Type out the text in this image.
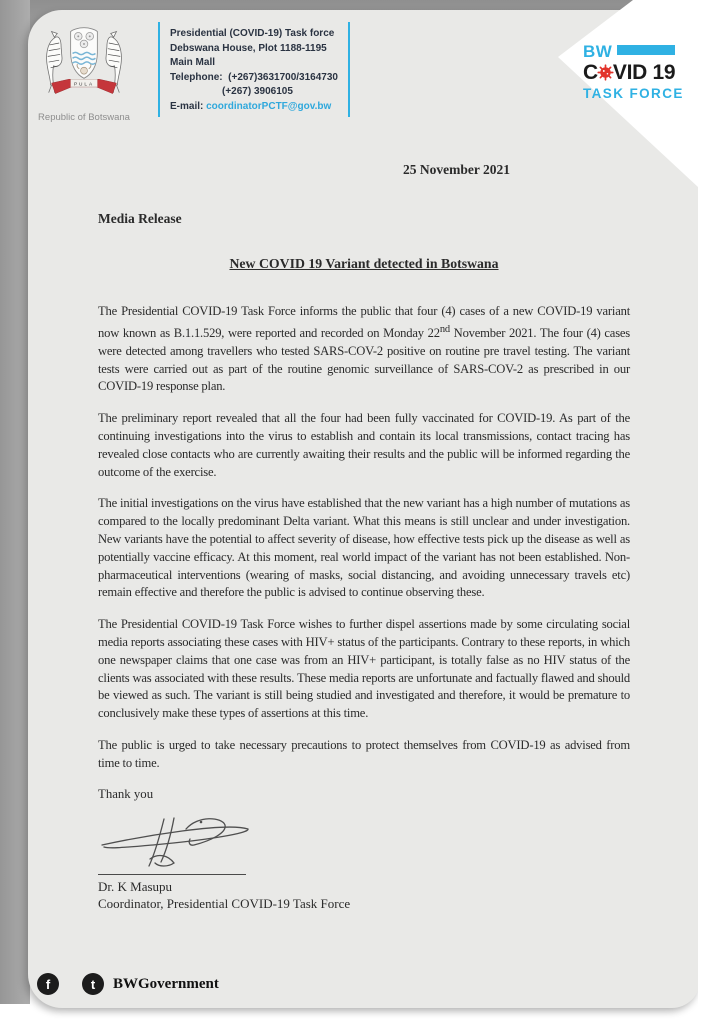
PULA
Republic of Botswana
Presidential (COVID-19) Task force
Debswana House, Plot 1188-1195
Main Mall
Telephone: (+267)3631700/3164730
(+267) 3906105
E-mail: coordinatorPCTF@gov.bw
25 November 2021
Media Release
New COVID 19 Variant detected in Botswana

The Presidential COVID-19 Task Force informs the public that four (4) cases of a new COVID-19 variant now known as B.1.1.529, were reported and recorded on Monday 22nd November 2021. The four (4) cases were detected among travellers who tested SARS-COV-2 positive on routine pre travel testing. The variant tests were carried out as part of the routine genomic surveillance of SARS-COV-2 as prescribed in our COVID-19 response plan.

The preliminary report revealed that all the four had been fully vaccinated for COVID-19. As part of the continuing investigations into the virus to establish and contain its local transmissions, contact tracing has revealed close contacts who are currently awaiting their results and the public will be informed regarding the outcome of the exercise.

The initial investigations on the virus have established that the new variant has a high number of mutations as compared to the locally predominant Delta variant. What this means is still unclear and under investigation. New variants have the potential to affect severity of disease, how effective tests pick up the disease as well as potentially vaccine efficacy. At this moment, real world impact of the variant has not been established. Non-pharmaceutical interventions (wearing of masks, social distancing, and avoiding unnecessary travels etc) remain effective and therefore the public is advised to continue observing these.

The Presidential COVID-19 Task Force wishes to further dispel assertions made by some circulating social media reports associating these cases with HIV+ status of the participants. Contrary to these reports, in which one newspaper claims that one case was from an HIV+ participant, is totally false as no HIV status of the clients was associated with these results. These media reports are unfortunate and factually flawed and should be viewed as such. The variant is still being studied and investigated and therefore, it would be premature to conclusively make these types of assertions at this time.

The public is urged to take necessary precautions to protect themselves from COVID-19 as advised from time to time.

Thank you
Dr. K Masupu
Coordinator, Presidential COVID-19 Task Force
f	t	BWGovernment
BW
C VID 19
TASK FORCE
